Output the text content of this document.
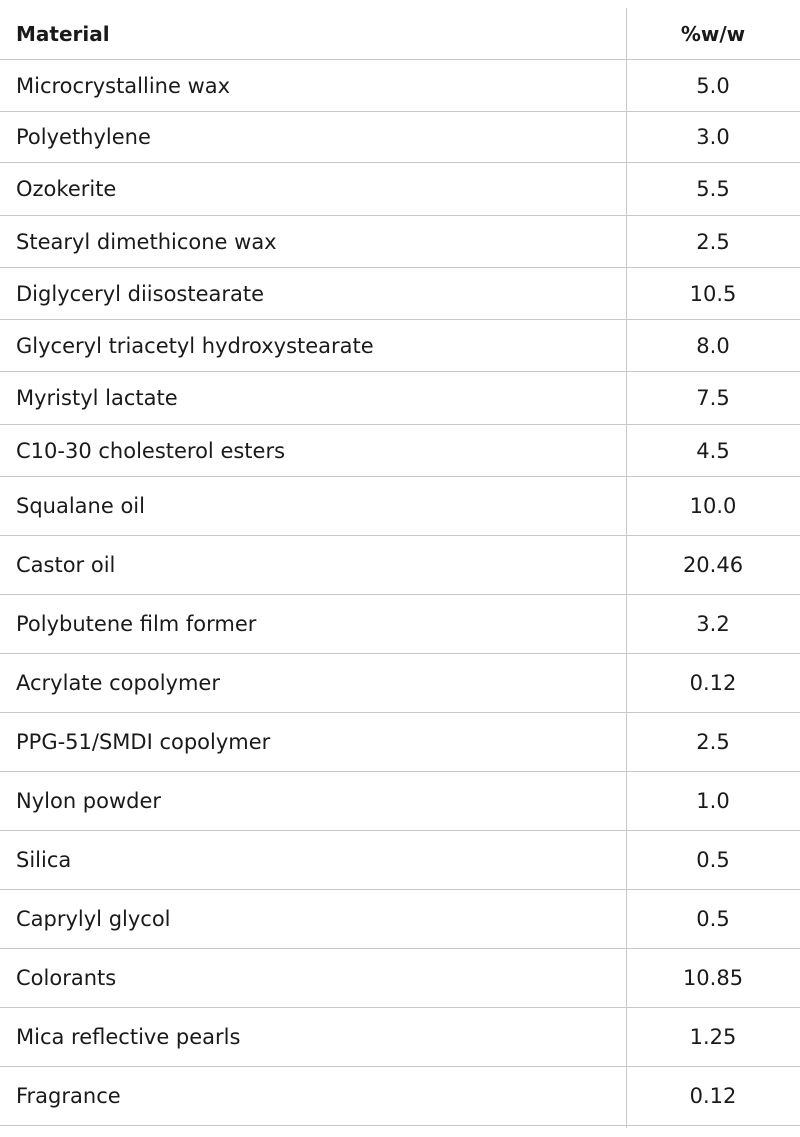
Material	%w/w
Microcrystalline wax	5.0
Polyethylene	3.0
Ozokerite	5.5
Stearyl dimethicone wax	2.5
Diglyceryl diisostearate	10.5
Glyceryl triacetyl hydroxystearate	8.0
Myristyl lactate	7.5
C10-30 cholesterol esters	4.5
Squalane oil	10.0
Castor oil	20.46
Polybutene film former	3.2
Acrylate copolymer	0.12
PPG-51/SMDI copolymer	2.5
Nylon powder	1.0
Silica	0.5
Caprylyl glycol	0.5
Colorants	10.85
Mica reflective pearls	1.25
Fragrance	0.12
